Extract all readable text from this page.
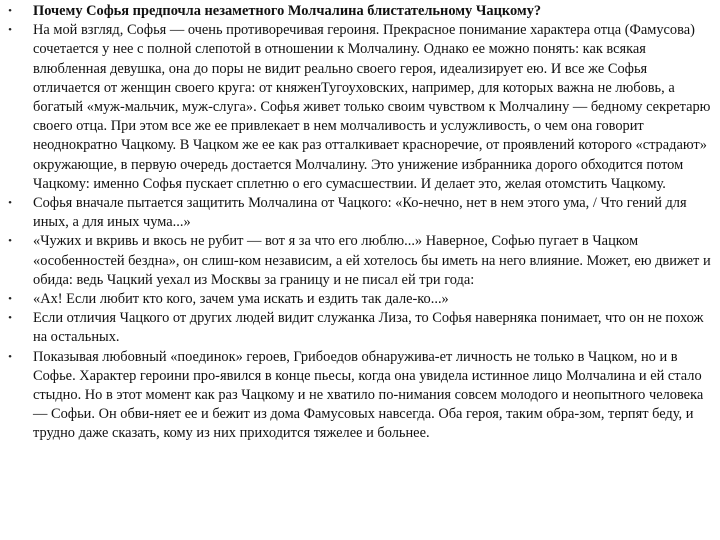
• Почему Софья предпочла незаметного Молчалина блистательному Чацкому?
• На мой взгляд, Софья — очень противоречивая героиня. Прекрасное понимание характера отца (Фамусова) сочетается у нее с полной слепотой в отношении к Молчалину. Однако ее можно понять: как всякая влюбленная девушка, она до поры не видит реально своего героя, идеализирует ею. И все же Софья отличается от женщин своего круга: от княженТугоуховских, например, для которых важна не любовь, а богатый «муж-мальчик, муж-слуга». Софья живет только своим чувством к Молчалину — бедному секретарю своего отца. При этом все же ее привлекает в нем молчаливость и услужливость, о чем она говорит неоднократно Чацкому. В Чацком же ее как раз отталкивает красноречие, от проявлений которого «страдают» окружающие, в первую очередь достается Молчалину. Это унижение избранника дорого обходится потом Чацкому: именно Софья пускает сплетню о его сумасшествии. И делает это, желая отомстить Чацкому.
• Софья вначале пытается защитить Молчалина от Чацкого: «Ко-нечно, нет в нем этого ума, / Что гений для иных, а для иных чума...»
• «Чужих и вкривь и вкось не рубит — вот я за что его люблю...» Наверное, Софью пугает в Чацком «особенностей бездна», он слиш-ком независим, а ей хотелось бы иметь на него влияние. Может, ею движет и обида: ведь Чацкий уехал из Москвы за границу и не писал ей три года:
• «Ах! Если любит кто кого, зачем ума искать и ездить так дале-ко...»
• Если отличия Чацкого от других людей видит служанка Лиза, то Софья наверняка понимает, что он не похож на остальных.
• Показывая любовный «поединок» героев, Грибоедов обнаружива-ет личность не только в Чацком, но и в Софье. Характер героини про-явился в конце пьесы, когда она увидела истинное лицо Молчалина и ей стало стыдно. Но в этот момент как раз Чацкому и не хватило по-нимания совсем молодого и неопытного человека — Софьи. Он обви-няет ее и бежит из дома Фамусовых навсегда. Оба героя, таким обра-зом, терпят беду, и трудно даже сказать, кому из них приходится тяжелее и больнее.
